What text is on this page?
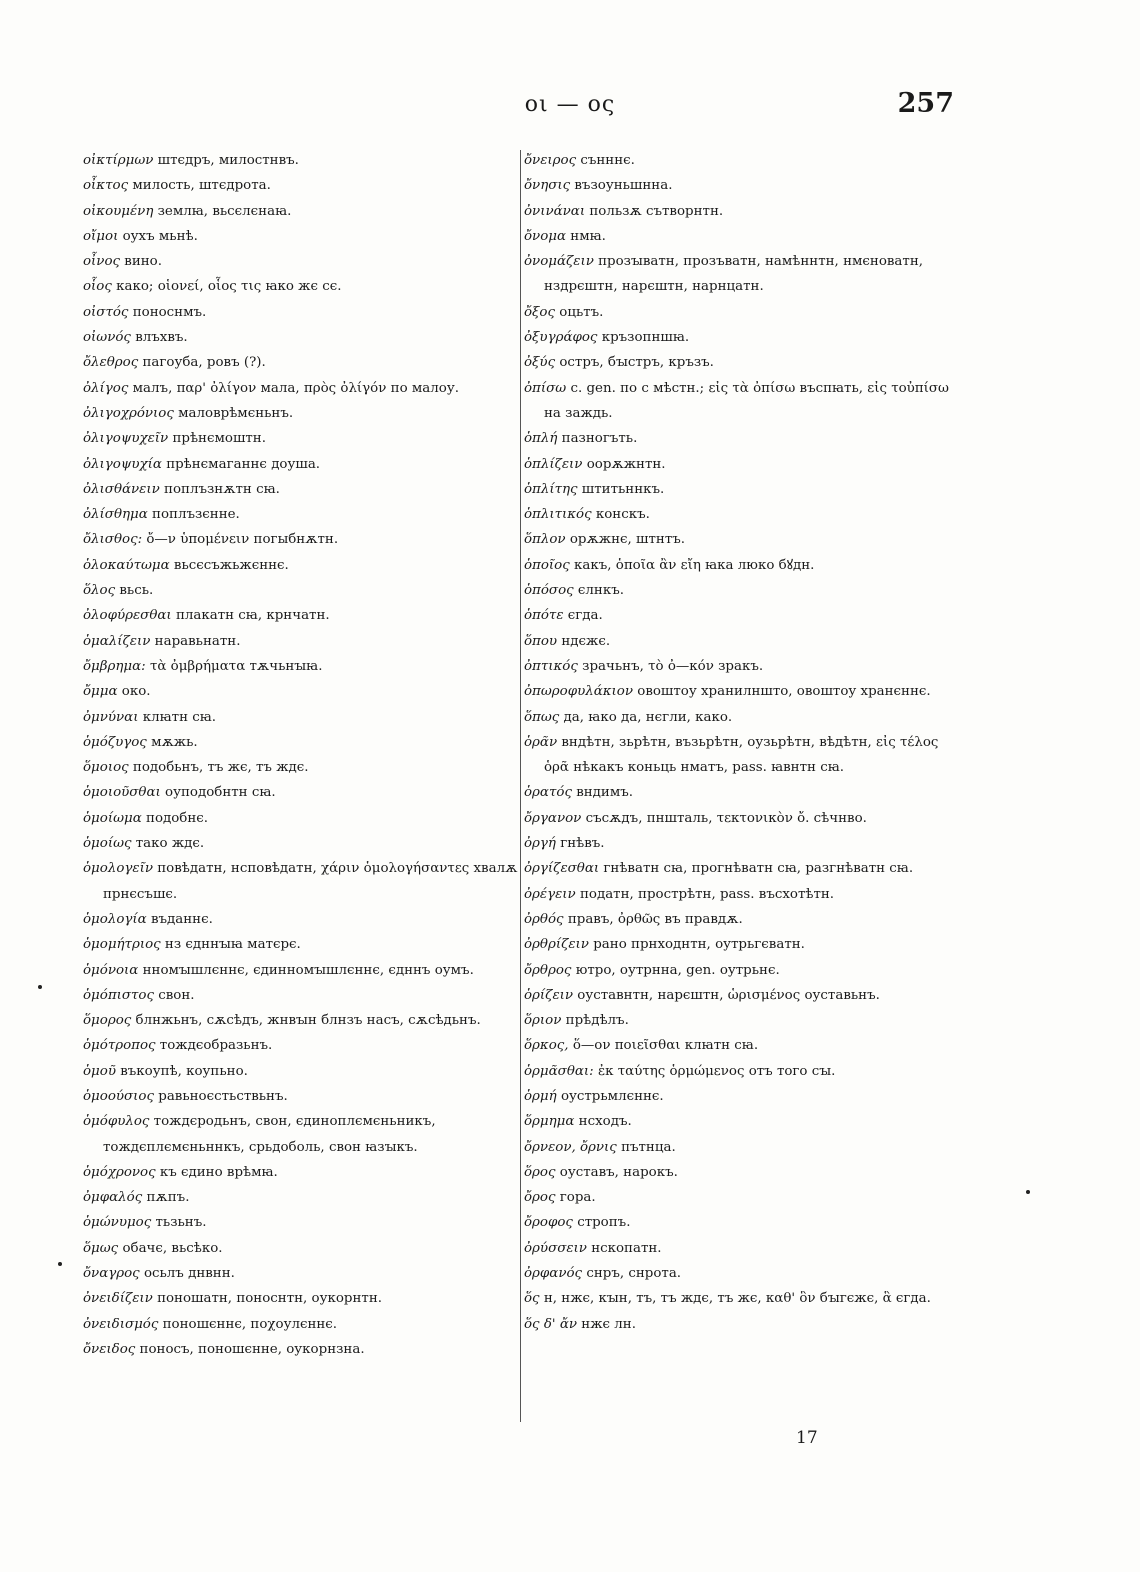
οι — ος	257
οἰκτίρμων штєдръ, милостнвъ.
οἶκτος милость, штєдрота.
οἰκουμένη землꙗ, вьсєлєнаꙗ.
οἴμοι оухъ мьнѣ.
οἶνος вино.
οἷος како; οἱονεί, οἷος τις ꙗко жє сє.
οἰστός поноснмъ.
οἰωνός влъхвъ.
ὄλεθρος пагоуба, ровъ (?).
ὀλίγος малъ, παρ' ὀλίγον мала, πρὸς ὀλίγόν по малоу.
ὀλιγοχρόνιος маловрѣмєньнъ.
ὀλιγοψυχεῖν прѣнємоштн.
ὀλιγοψυχία прѣнємаганнє доуша.
ὀλισθάνειν поплъзнѫтн сꙗ.
ὀλίσθημα поплъзєнне.
ὄλισθος: ὄ—ν ὑπομένειν погыбнѫтн.
ὁλοκαύτωμα вьсєсъжьжєннє.
ὅλος вьсь.
ὀλοφύρεσθαι плакатн сꙗ, крнчатн.
ὁμαλίζειν наравьнатн.
ὄμβρημα: τὰ ὀμβρήματα тѫчьнꙑꙗ.
ὄμμα око.
ὀμνύναι клꙗтн сꙗ.
ὁμόζυγος мѫжь.
ὅμοιος подобьнъ, тъ жє, тъ ждє.
ὁμοιοῦσθαι оуподобнтн сꙗ.
ὁμοίωμα подобнє.
ὁμοίως тако ждє.
ὁμολογεῖν повѣдатн, нсповѣдатн, χάριν ὁμολογήσαντες хвалѫ прнєсъшє.
ὁμολογία въданнє.
ὁμομήτριος нз єдннꙑꙗ матєрє.
ὁμόνοια нномꙑшлєннє, єдинномꙑшлєннє, єдннъ оумъ.
ὁμόπιστος свон.
ὅμορος блнжьнъ, сѫсѣдъ, жнвꙑн блнзъ насъ, сѫсѣдьнъ.
ὁμότροπος тождєобразьнъ.
ὁμοῦ въкоупѣ, коупьно.
ὁμοούσιος равьноєстьствьнъ.
ὁμόφυλος тождєродьнъ, свон, єдиноплємєньникъ, тождєплємєньннкъ, срьдоболь, свон ꙗзꙑкъ.
ὁμόχρονος къ єдино врѣмꙗ.
ὀμφαλός пѫпъ.
ὁμώνυμος тьзьнъ.
ὅμως обачє, вьсѣко.
ὄναγρος осьлъ днвнн.
ὀνειδίζειν поношатн, поноснтн, оукорнтн.
ὀνειδισμός поношєннє, поχоулєннє.
ὄνειδος поносъ, поношєнне, оукорнзна.
ὄνειρος сънннє.
ὄνησις възоуньшнна.
ὀνινάναι пользѫ сътворнтн.
ὄνομα нмꙗ.
ὀνομάζειν прозꙑватн, прозъватн, намѣннтн, нмєноватн, нздрєштн, нарєштн, нарнцатн.
ὄξος оцьтъ.
ὀξυγράφος кръзопншꙗ.
ὀξύς остръ, бꙑстръ, кръзъ.
ὀπίσω c. gen. по с мѣстн.; εἰς τὰ ὀπίσω въспꙗть, εἰς τοὐπίσω на заждь.
ὁπλή пазногъть.
ὁπλίζειν оорѫжнтн.
ὁπλίτης штитьннкъ.
ὁπλιτικός конскъ.
ὅπλον орѫжнє, штнтъ.
ὁποῖος какъ, ὁποῖα ἂν εἴη ꙗка люко бꙋдн.
ὁπόσος єлнкъ.
ὁπότε єгда.
ὅπου ндєжє.
ὀπτικός зрачьнъ, τὸ ὀ—κόν зракъ.
ὀπωροφυλάκιον овоштоу хранилншто, овоштоу хранєннє.
ὅπως да, ꙗко да, нєгли, како.
ὁρᾶν вндѣтн, зьрѣтн, възьрѣтн, оузьрѣтн, вѣдѣтн, εἰς τέλος ὁρᾶ нѣкакъ коньць нматъ, pass. ꙗвнтн сꙗ.
ὁρατός вндимъ.
ὄργανον съсѫдъ, пншталь, τεκτονικὸν ὄ. сѣчнво.
ὀργή гнѣвъ.
ὀργίζεσθαι гнѣватн сꙗ, прогнѣватн сꙗ, разгнѣватн сꙗ.
ὀρέγειν податн, прострѣтн, pass. въсхотѣтн.
ὀρθός правъ, ὀρθῶς въ правдѫ.
ὀρθρίζειν рано прнходнтн, оутрьгєватн.
ὄρθρος ютро, оутрнна, gen. оутрьнє.
ὁρίζειν оуставнтн, нарєштн, ὡρισμένος оуставьнъ.
ὅριον прѣдѣлъ.
ὅρκος, ὅ—ον ποιεῖσθαι клꙗтн сꙗ.
ὁρμᾶσθαι: ἐκ ταύτης ὁρμώμενος отъ того сꙑ.
ὁρμή оустрьмлєннє.
ὅρμημα нсходъ.
ὄρνεον, ὄρνις пътнца.
ὅρος оуставъ, нарокъ.
ὄρος гора.
ὄροφος стропъ.
ὀρύσσειν нскопатн.
ὀρφανός снръ, снрота.
ὅς н, нжє, кꙑн, тъ, тъ ждє, тъ жє, καθ' ὃν бꙑгєжє, ἃ єгда.
ὅς δ' ἄν нжє лн.
17
